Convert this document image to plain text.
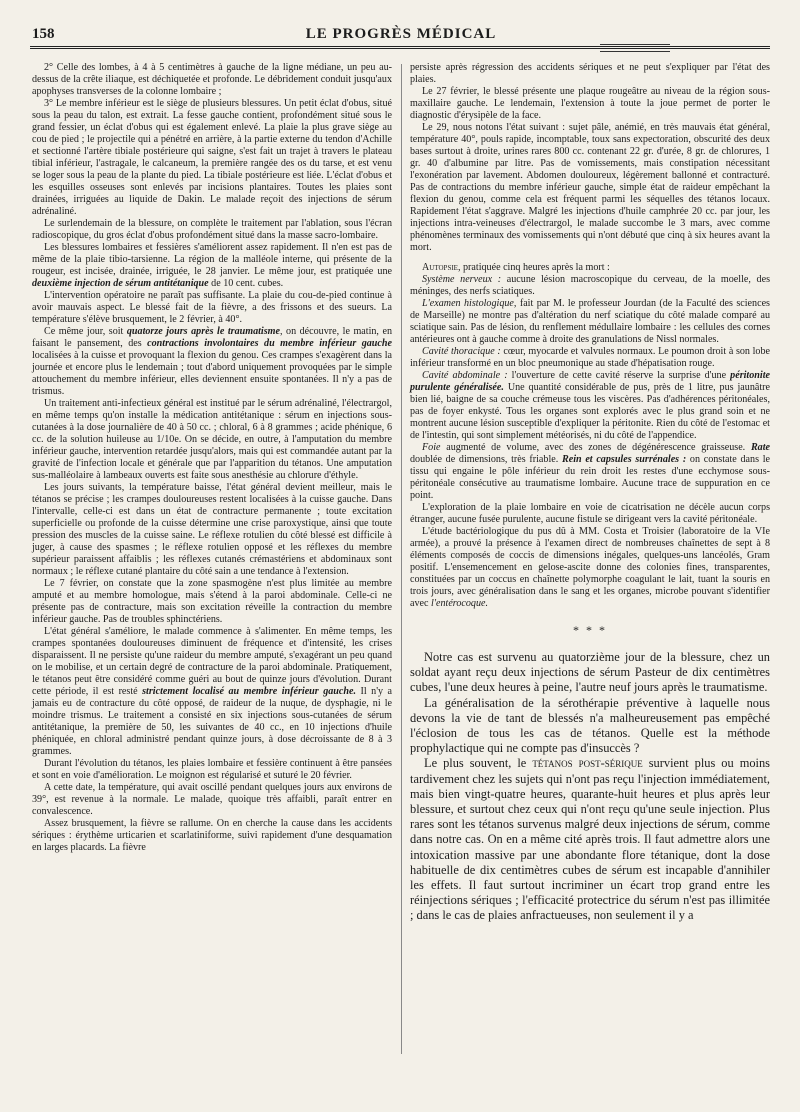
158	LE PROGRÈS MÉDICAL

2° Celle des lombes, à 4 à 5 centimètres à gauche de la ligne médiane, un peu au-dessus de la crête iliaque, est déchiquetée et profonde. Le débridement conduit jusqu'aux apophyses transverses de la colonne lombaire ;

3° Le membre inférieur est le siège de plusieurs blessures. Un petit éclat d'obus, situé sous la peau du talon, est extrait. La fesse gauche contient, profondément situé sous le grand fessier, un éclat d'obus qui est également enlevé. La plaie la plus grave siège au cou de pied ; le projectile qui a pénétré en arrière, à la partie externe du tendon d'Achille et sectionné l'artère tibiale postérieure qui saigne, s'est fait un trajet à travers le plateau tibial inférieur, l'astragale, le calcaneum, la première rangée des os du tarse, et est venu se loger sous la peau de la plante du pied. La tibiale postérieure est liée. L'éclat d'obus et les esquilles osseuses sont enlevés par incisions plantaires. Toutes les plaies sont drainées, irriguées au liquide de Dakin. Le malade reçoit des injections de sérum adrénaliné.

Le surlendemain de la blessure, on complète le traitement par l'ablation, sous l'écran radioscopique, du gros éclat d'obus profondément situé dans la masse sacro-lombaire.

Les blessures lombaires et fessières s'améliorent assez rapidement. Il n'en est pas de même de la plaie tibio-tarsienne. La région de la malléole interne, qui présente de la rougeur, est incisée, drainée, irriguée, le 28 janvier. Le même jour, est pratiquée une deuxième injection de sérum antitétanique de 10 cent. cubes.

L'intervention opératoire ne paraît pas suffisante. La plaie du cou-de-pied continue à avoir mauvais aspect. Le blessé fait de la fièvre, a des frissons et des sueurs. La température s'élève brusquement, le 2 février, à 40°.

Ce même jour, soit quatorze jours après le traumatisme, on découvre, le matin, en faisant le pansement, des contractions involontaires du membre inférieur gauche localisées à la cuisse et provoquant la flexion du genou. Ces crampes s'exagèrent dans la journée et encore plus le lendemain ; tout d'abord uniquement provoquées par le simple attouchement du membre inférieur, elles deviennent ensuite spontanées. Il n'y a pas de trismus.

Un traitement anti-infectieux général est institué par le sérum adrénaliné, l'électrargol, en même temps qu'on installe la médication antitétanique : sérum en injections sous-cutanées à la dose journalière de 40 à 50 cc. ; chloral, 6 à 8 grammes ; acide phénique, 6 cc. de la solution huileuse au 1/10e. On se décide, en outre, à l'amputation du membre inférieur gauche, intervention retardée jusqu'alors, mais qui est commandée autant par la gravité de l'infection locale et générale que par l'apparition du tétanos. Une amputation sus-malléolaire à lambeaux ouverts est faite sous anesthésie au chlorure d'éthyle.

Les jours suivants, la température baisse, l'état général devient meilleur, mais le tétanos se précise ; les crampes douloureuses restent localisées à la cuisse gauche. Dans l'intervalle, celle-ci est dans un état de contracture permanente ; toute excitation superficielle ou profonde de la cuisse détermine une crise paroxystique, ainsi que toute pression des muscles de la cuisse saine. Le réflexe rotulien du côté blessé est difficile à juger, à cause des spasmes ; le réflexe rotulien opposé et les réflexes du membre supérieur paraissent affaiblis ; les réflexes cutanés crémastériens et abdominaux sont normaux ; le réflexe cutané plantaire du côté sain a une tendance à l'extension.

Le 7 février, on constate que la zone spasmogène n'est plus limitée au membre amputé et au membre homologue, mais s'étend à la paroi abdominale. Celle-ci ne présente pas de contracture, mais son excitation réveille la contraction du membre inférieur gauche. Pas de troubles sphinctériens.

L'état général s'améliore, le malade commence à s'alimenter. En même temps, les crampes spontanées douloureuses diminuent de fréquence et d'intensité, les crises disparaissent. Il ne persiste qu'une raideur du membre amputé, s'exagérant un peu quand on le mobilise, et un certain degré de contracture de la paroi abdominale. Pratiquement, le tétanos peut être considéré comme guéri au bout de quinze jours d'évolution. Durant cette période, il est resté strictement localisé au membre inférieur gauche. Il n'y a jamais eu de contracture du côté opposé, de raideur de la nuque, de dysphagie, ni le moindre trismus. Le traitement a consisté en six injections sous-cutanées de sérum antitétanique, la première de 50, les suivantes de 40 cc., en 10 injections d'huile phéniquée, en chloral administré pendant quinze jours, à dose décroissante de 8 à 3 grammes.

Durant l'évolution du tétanos, les plaies lombaire et fessière continuent à être pansées et sont en voie d'amélioration. Le moignon est régularisé et suturé le 20 février.

A cette date, la température, qui avait oscillé pendant quelques jours aux environs de 39°, est revenue à la normale. Le malade, quoique très affaibli, paraît entrer en convalescence.

Assez brusquement, la fièvre se rallume. On en cherche la cause dans les accidents sériques : érythème urticarien et scarlatiniforme, suivi rapidement d'une desquamation en larges placards. La fièvre

persiste après régression des accidents sériques et ne peut s'expliquer par l'état des plaies.

Le 27 février, le blessé présente une plaque rougeâtre au niveau de la région sous-maxillaire gauche. Le lendemain, l'extension à toute la joue permet de porter le diagnostic d'érysipèle de la face.

Le 29, nous notons l'état suivant : sujet pâle, anémié, en très mauvais état général, température 40°, pouls rapide, incomptable, toux sans expectoration, obscurité des deux bases surtout à droite, urines rares 800 cc. contenant 22 gr. d'urée, 8 gr. de chlorures, 1 gr. 40 d'albumine par litre. Pas de vomissements, mais constipation nécessitant l'exonération par lavement. Abdomen douloureux, légèrement ballonné et contracturé. Pas de contractions du membre inférieur gauche, simple état de raideur empêchant la flexion du genou, comme cela est fréquent parmi les séquelles des tétanos locaux. Rapidement l'état s'aggrave. Malgré les injections d'huile camphrée 20 cc. par jour, les injections intra-veineuses d'électrargol, le malade succombe le 3 mars, avec comme phénomènes terminaux des vomissements qui n'ont débuté que cinq à six heures avant la mort.

Autopsie, pratiquée cinq heures après la mort :

Système nerveux : aucune lésion macroscopique du cerveau, de la moelle, des méninges, des nerfs sciatiques.

L'examen histologique, fait par M. le professeur Jourdan (de la Faculté des sciences de Marseille) ne montre pas d'altération du nerf sciatique du côté malade comparé au sciatique sain. Pas de lésion, du renflement médullaire lombaire : les cellules des cornes antérieures ont à gauche comme à droite des granulations de Nissl normales.

Cavité thoracique : cœur, myocarde et valvules normaux. Le poumon droit à son lobe inférieur transformé en un bloc pneumonique au stade d'hépatisation rouge.

Cavité abdominale : l'ouverture de cette cavité réserve la surprise d'une péritonite purulente généralisée. Une quantité considérable de pus, près de 1 litre, pus jaunâtre bien lié, baigne de sa couche crémeuse tous les viscères. Pas d'adhérences péritonéales, pas de foyer enkysté. Tous les organes sont explorés avec le plus grand soin et ne montrent aucune lésion susceptible d'expliquer la péritonite. Rien du côté de l'estomac et de l'intestin, qui sont simplement météorisés, ni du côté de l'appendice.

Foie augmenté de volume, avec des zones de dégénérescence graisseuse. Rate doublée de dimensions, très friable. Rein et capsules surrénales : on constate dans le tissu qui engaine le pôle inférieur du rein droit les restes d'une ecchymose sous-péritonéale consécutive au traumatisme lombaire. Aucune trace de suppuration en ce point.

L'exploration de la plaie lombaire en voie de cicatrisation ne décèle aucun corps étranger, aucune fusée purulente, aucune fistule se dirigeant vers la cavité péritonéale.

L'étude bactériologique du pus dû à MM. Costa et Troisier (laboratoire de la VIe armée), a prouvé la présence à l'examen direct de nombreuses chaînettes de sept à 8 éléments composés de coccis de dimensions inégales, quelques-uns lancéolés, Gram positif. L'ensemencement en gelose-ascite donne des colonies fines, transparentes, constituées par un coccus en chaînette polymorphe coagulant le lait, tuant la souris en trois jours, avec généralisation dans le sang et les organes, microbe pouvant s'identifier avec l'entérocoque.

* * *

Notre cas est survenu au quatorzième jour de la blessure, chez un soldat ayant reçu deux injections de sérum Pasteur de dix centimètres cubes, l'une deux heures à peine, l'autre neuf jours après le traumatisme.

La généralisation de la sérothérapie préventive à laquelle nous devons la vie de tant de blessés n'a malheureusement pas empêché l'éclosion de tous les cas de tétanos. Quelle est la méthode prophylactique qui ne compte pas d'insuccès ?

Le plus souvent, le tétanos post-sérique survient plus ou moins tardivement chez les sujets qui n'ont pas reçu l'injection immédiatement, mais bien vingt-quatre heures, quarante-huit heures et plus après leur blessure, et surtout chez ceux qui n'ont reçu qu'une seule injection. Plus rares sont les tétanos survenus malgré deux injections de sérum, comme dans notre cas. On en a même cité après trois. Il faut admettre alors une intoxication massive par une abondante flore tétanique, dont la dose habituelle de dix centimètres cubes de sérum est incapable d'annihiler les effets. Il faut surtout incriminer un écart trop grand entre les réinjections sériques ; l'efficacité protectrice du sérum n'est pas illimitée ; dans le cas de plaies anfractueuses, non seulement il y a
